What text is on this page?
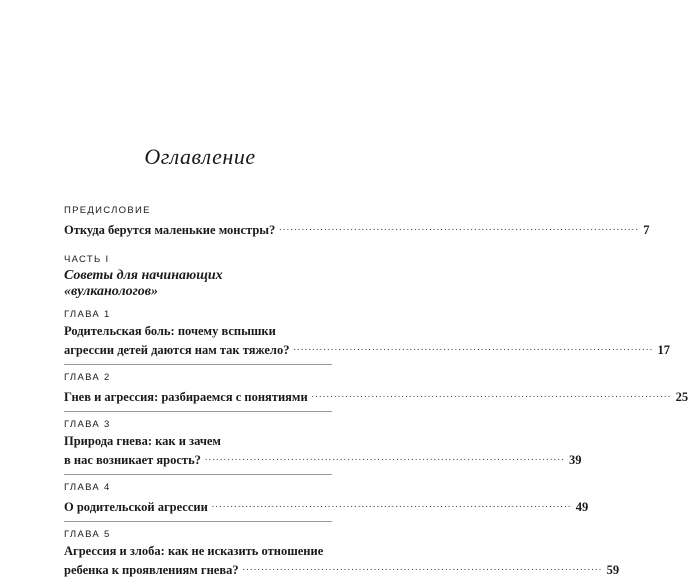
Оглавление
ПРЕДИСЛОВИЕ
Откуда берутся маленькие монстры? ................................................................................................ 7
ЧАСТЬ I
Советы для начинающих
«вулканологов»
ГЛАВА 1
Родительская боль: почему вспышки
агрессии детей даются нам так тяжело? ................................................................................................ 17
ГЛАВА 2
Гнев и агрессия: разбираемся с понятиями ................................................................................................ 25
ГЛАВА 3
Природа гнева: как и зачем
в нас возникает ярость? ................................................................................................ 39
ГЛАВА 4
О родительской агрессии ................................................................................................ 49
ГЛАВА 5
Агрессия и злоба: как не исказить отношение
ребенка к проявлениям гнева? ................................................................................................ 59
